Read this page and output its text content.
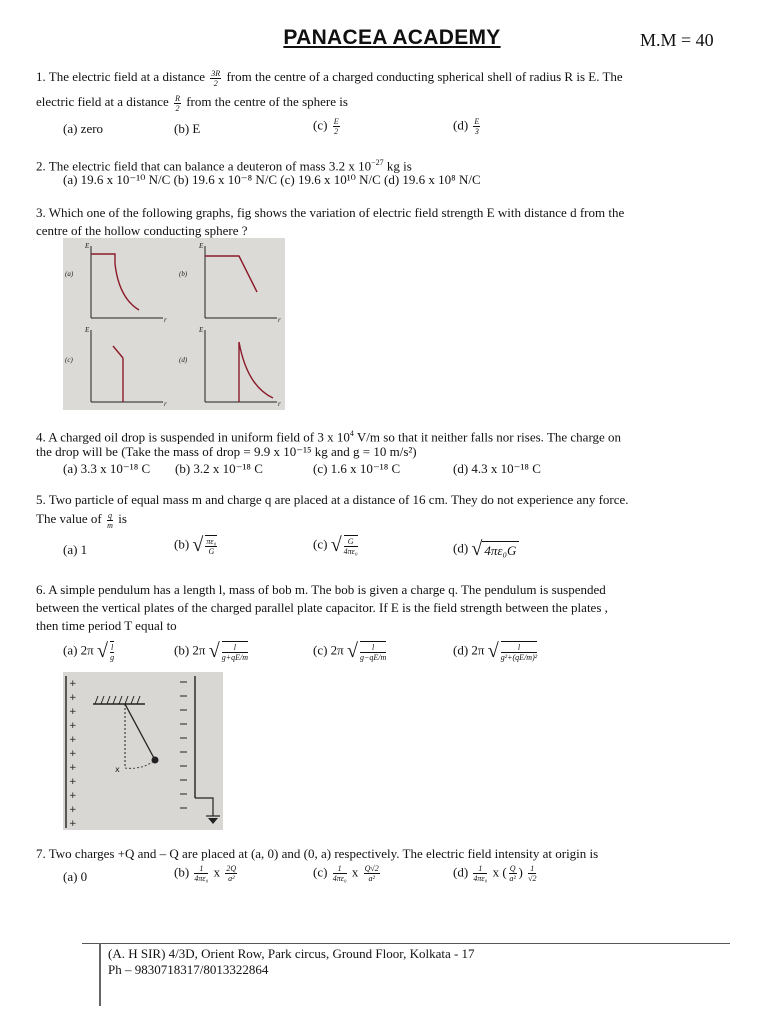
PANACEA ACADEMY	M.M = 40
1. The electric field at a distance $\frac{3R}{2}$ from the centre of a charged conducting spherical shell of radius R is E. The
electric field at a distance $\frac{R}{2}$ from the centre of the sphere is
(a) zero	(b) E	$(c) \frac{E}{2}$	$(d) \frac{E}{3}$
2. The electric field that can balance a deuteron of mass 3.2 x $10^{-27}$ kg is
(a) 19.6 x 10⁻¹⁰ N/C (b) 19.6 x 10⁻⁸ N/C (c) 19.6 x 10¹⁰ N/C (d) 19.6 x 10⁸ N/C
3. Which one of the following graphs, fig shows the variation of electric field strength E with distance d from the
centre of the hollow conducting sphere ?
E	E
E	E
r	r
r	r
(a)	(b)
(c)	(d)
4. A charged oil drop is suspended in uniform field of 3 x $10^4$ V/m so that it neither falls nor rises. The charge on
the drop will be (Take the mass of drop = 9.9 x 10⁻¹⁵ kg and g = 10 m/s²)
(a) 3.3 x 10⁻¹⁸ C (b) 3.2 x 10⁻¹⁸ C	(c) 1.6 x 10⁻¹⁸ C	(d) 4.3 x 10⁻¹⁸ C
5. Two particle of equal mass m and charge q are placed at a distance of 16 cm. They do not experience any force.
The value of $\frac{q}{m}$ is
(a) 1	(b) √ $\frac{\text{πε₀}}{G}$	(c) √ $\frac{G}{\text{4πε₀}}$	(d) √ 4πε₀G
6. A simple pendulum has a length l, mass of bob m. The bob is given a charge q. The pendulum is suspended
between the vertical plates of the charged parallel plate capacitor. If E is the field strength between the plates ,
then time period T equal to
(a) 2π √ $\frac{l}{g}$	(b) 2π √ $\frac{l}{g+qE/m}$	(c) 2π √ $\frac{l}{g-qE/m}$	(d) 2π √ $\frac{l}{\text{g²+(qE/m)²}}$
+
+
+
+
+
+
+
+
+
+
+
x
7. Two charges +Q and – Q are placed at (a, 0) and (0, a) respectively. The electric field intensity at origin is
(a) 0	$(b) \frac{1}{\text{4πε₀}}$ x $\frac{2Q}{\text{a²}}$	$(c) \frac{1}{\text{4πε₀}}$ x $\frac{Q√2}{\text{a²}}$	$(d) \frac{1}{\text{4πε₀}}$ x ( $\frac{Q}{\text{a²}}$ ) $\frac{1}{√2}$
(A. H SIR) 4/3D, Orient Row, Park circus, Ground Floor, Kolkata - 17
Ph – 9830718317/8013322864
